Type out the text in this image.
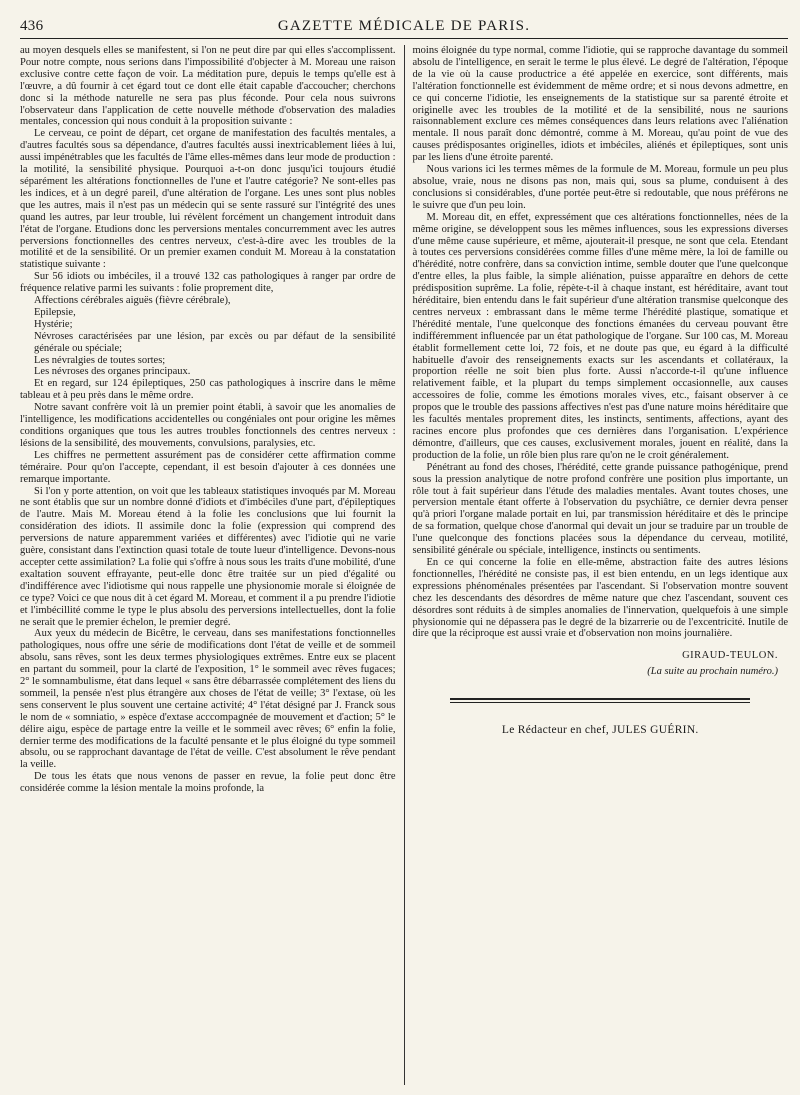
436	GAZETTE MÉDICALE DE PARIS.

au moyen desquels elles se manifestent, si l'on ne peut dire par qui elles s'accomplissent. Pour notre compte, nous serions dans l'impossibilité d'objecter à M. Moreau une raison exclusive contre cette façon de voir. La méditation pure, depuis le temps qu'elle est à l'œuvre, a dû fournir à cet égard tout ce dont elle était capable d'accoucher; cherchons donc si la méthode naturelle ne sera pas plus féconde. Pour cela nous suivrons l'observateur dans l'application de cette nouvelle méthode d'observation des maladies mentales, concession qui nous conduit à la proposition suivante :

Le cerveau, ce point de départ, cet organe de manifestation des facultés mentales, a d'autres facultés sous sa dépendance, d'autres facultés aussi inextricablement liées à lui, aussi impénétrables que les facultés de l'âme elles-mêmes dans leur mode de production : la motilité, la sensibilité physique. Pourquoi a-t-on donc jusqu'ici toujours étudié séparément les altérations fonctionnelles de l'une et l'autre catégorie? Ne sont-elles pas les indices, et à un degré pareil, d'une altération de l'organe. Les unes sont plus nobles que les autres, mais il n'est pas un médecin qui se sente rassuré sur l'intégrité des unes quand les autres, par leur trouble, lui révèlent forcément un changement introduit dans l'état de l'organe. Etudions donc les perversions mentales concurremment avec les autres perversions fonctionnelles des centres nerveux, c'est-à-dire avec les troubles de la motilité et de la sensibilité. Or un premier examen conduit M. Moreau à la constatation statistique suivante :

Sur 56 idiots ou imbéciles, il a trouvé 132 cas pathologiques à ranger par ordre de fréquence relative parmi les suivants : folie proprement dite,

Affections cérébrales aiguës (fièvre cérébrale),

Epilepsie,

Hystérie;

Névroses caractérisées par une lésion, par excès ou par défaut de la sensibilité générale ou spéciale;

Les névralgies de toutes sortes;

Les névroses des organes principaux.

Et en regard, sur 124 épileptiques, 250 cas pathologiques à inscrire dans le même tableau et à peu près dans le même ordre.

Notre savant confrère voit là un premier point établi, à savoir que les anomalies de l'intelligence, les modifications accidentelles ou congéniales ont pour origine les mêmes conditions organiques que tous les autres troubles fonctionnels des centres nerveux : lésions de la sensibilité, des mouvements, convulsions, paralysies, etc.

Les chiffres ne permettent assurément pas de considérer cette affirmation comme téméraire. Pour qu'on l'accepte, cependant, il est besoin d'ajouter à ces données une remarque importante.

Si l'on y porte attention, on voit que les tableaux statistiques invoqués par M. Moreau ne sont établis que sur un nombre donné d'idiots et d'imbéciles d'une part, d'épileptiques de l'autre. Mais M. Moreau étend à la folie les conclusions que lui fournit la considération des idiots. Il assimile donc la folie (expression qui comprend des perversions de nature apparemment variées et différentes) avec l'idiotie qui ne varie guère, consistant dans l'extinction quasi totale de toute lueur d'intelligence. Devons-nous accepter cette assimilation? La folie qui s'offre à nous sous les traits d'une mobilité, d'une exaltation souvent effrayante, peut-elle donc être traitée sur un pied d'égalité ou d'indifférence avec l'idiotisme qui nous rappelle une physionomie morale si éloignée de ce type? Voici ce que nous dit à cet égard M. Moreau, et comment il a pu prendre l'idiotie et l'imbécillité comme le type le plus absolu des perversions intellectuelles, dont la folie ne serait que le premier échelon, le premier degré.

Aux yeux du médecin de Bicêtre, le cerveau, dans ses manifestations fonctionnelles pathologiques, nous offre une série de modifications dont l'état de veille et de sommeil absolu, sans rêves, sont les deux termes physiologiques extrêmes. Entre eux se placent en partant du sommeil, pour la clarté de l'exposition, 1° le sommeil avec rêves fugaces; 2° le somnambulisme, état dans lequel « sans être débarrassée complétement des liens du sommeil, la pensée n'est plus étrangère aux choses de l'état de veille; 3° l'extase, où les sens conservent le plus souvent une certaine activité; 4° l'état désigné par J. Franck sous le nom de « somniatio, » espèce d'extase acccompagnée de mouvement et d'action; 5° le délire aigu, espèce de partage entre la veille et le sommeil avec rêves; 6° enfin la folie, dernier terme des modifications de la faculté pensante et le plus éloigné du type sommeil absolu, ou se rapprochant davantage de l'état de veille. C'est absolument le rêve pendant la veille.

De tous les états que nous venons de passer en revue, la folie peut donc être considérée comme la lésion mentale la moins profonde, la

moins éloignée du type normal, comme l'idiotie, qui se rapproche davantage du sommeil absolu de l'intelligence, en serait le terme le plus élevé. Le degré de l'altération, l'époque de la vie où la cause productrice a été appelée en exercice, sont différents, mais l'altération fonctionnelle est évidemment de même ordre; et si nous devons admettre, en ce qui concerne l'idiotie, les enseignements de la statistique sur sa parenté étroite et originelle avec les troubles de la motilité et de la sensibilité, nous ne saurions raisonnablement exclure ces mêmes conséquences dans leurs relations avec l'aliénation mentale. Il nous paraît donc démontré, comme à M. Moreau, qu'au point de vue des causes prédisposantes originelles, idiots et imbéciles, aliénés et épileptiques, sont unis par les liens d'une étroite parenté.

Nous varions ici les termes mêmes de la formule de M. Moreau, formule un peu plus absolue, vraie, nous ne disons pas non, mais qui, sous sa plume, conduisent à des conclusions si considérables, d'une portée peut-être si redoutable, que nous préférons ne le suivre que d'un peu loin.

M. Moreau dit, en effet, expressément que ces altérations fonctionnelles, nées de la même origine, se développent sous les mêmes influences, sous les expressions diverses d'une même cause supérieure, et même, ajouterait-il presque, ne sont que cela. Etendant à toutes ces perversions considérées comme filles d'une même mère, la loi de famille ou d'hérédité, notre confrère, dans sa conviction intime, semble douter que l'une quelconque d'entre elles, la plus faible, la simple aliénation, puisse apparaître en dehors de cette prédisposition suprême. La folie, répète-t-il à chaque instant, est héréditaire, avant tout héréditaire, bien entendu dans le fait supérieur d'une altération transmise quelconque des centres nerveux : embrassant dans le même terme l'hérédité plastique, somatique et l'hérédité mentale, l'une quelconque des fonctions émanées du cerveau pouvant être indifféremment influencée par un état pathologique de l'organe. Sur 100 cas, M. Moreau établit formellement cette loi, 72 fois, et ne doute pas que, eu égard à la difficulté habituelle d'avoir des renseignements exacts sur les ascendants et collatéraux, la proportion réelle ne soit bien plus forte. Aussi n'accorde-t-il qu'une influence relativement faible, et la plupart du temps simplement occasionnelle, aux causes accessoires de folie, comme les émotions morales vives, etc., faisant observer à ce propos que le trouble des passions affectives n'est pas d'une nature moins héréditaire que les facultés mentales proprement dites, les instincts, sentiments, affections, ayant des racines encore plus profondes que ces dernières dans l'organisation. L'expérience démontre, d'ailleurs, que ces causes, exclusivement morales, jouent en réalité, dans la production de la folie, un rôle bien plus rare qu'on ne le croit généralement.

Pénétrant au fond des choses, l'hérédité, cette grande puissance pathogénique, prend sous la pression analytique de notre profond confrère une position plus importante, un rôle tout à fait supérieur dans l'étude des maladies mentales. Avant toutes choses, une perversion mentale étant offerte à l'observation du psychiâtre, ce dernier devra penser qu'à priori l'organe malade portait en lui, par transmission héréditaire et dès le principe de sa formation, quelque chose d'anormal qui devait un jour se traduire par un trouble de l'une quelconque des fonctions placées sous la dépendance du cerveau, motilité, sensibilité générale ou spéciale, intelligence, instincts ou sentiments.

En ce qui concerne la folie en elle-même, abstraction faite des autres lésions fonctionnelles, l'hérédité ne consiste pas, il est bien entendu, en un legs identique aux expressions phénoménales présentées par l'ascendant. Si l'observation montre souvent chez les descendants des désordres de même nature que chez l'ascendant, souvent ces désordres sont réduits à de simples anomalies de l'innervation, quelquefois à une simple physionomie qui ne dépassera pas le degré de la bizarrerie ou de l'excentricité. Inutile de dire que la réciproque est aussi vraie et d'observation non moins journalière.

GIRAUD-TEULON.
(La suite au prochain numéro.)
Le Rédacteur en chef, JULES GUÉRIN.
